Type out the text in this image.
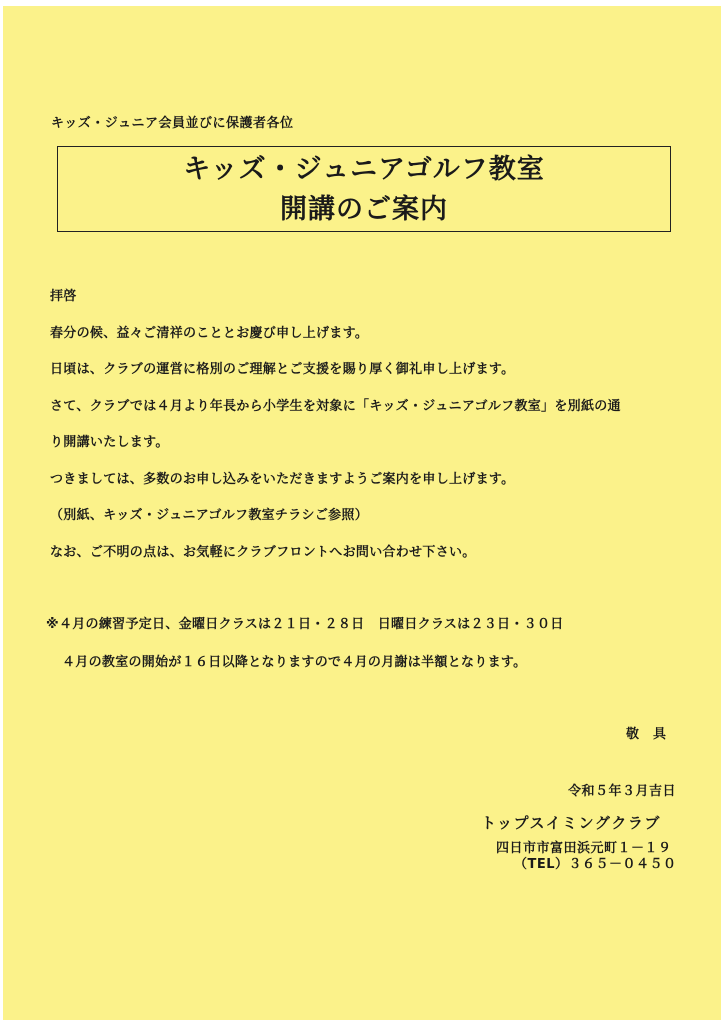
キッズ・ジュニア会員並びに保護者各位
キッズ・ジュニアゴルフ教室
開講のご案内
拝啓
春分の候、益々ご清祥のこととお慶び申し上げます。
日頃は、クラブの運営に格別のご理解とご支援を賜り厚く御礼申し上げます。
さて、クラブでは４月より年長から小学生を対象に「キッズ・ジュニアゴルフ教室」を別紙の通
り開講いたします。
つきましては、多数のお申し込みをいただきますようご案内を申し上げます。
（別紙、キッズ・ジュニアゴルフ教室チラシご参照）
なお、ご不明の点は、お気軽にクラブフロントへお問い合わせ下さい。
※４月の練習予定日、金曜日クラスは２１日・２８日　日曜日クラスは２３日・３０日
４月の教室の開始が１６日以降となりますので４月の月謝は半額となります。
敬　具
令和５年３月吉日
トップスイミングクラブ
四日市市富田浜元町１－１９
（TEL）３６５－０４５０
